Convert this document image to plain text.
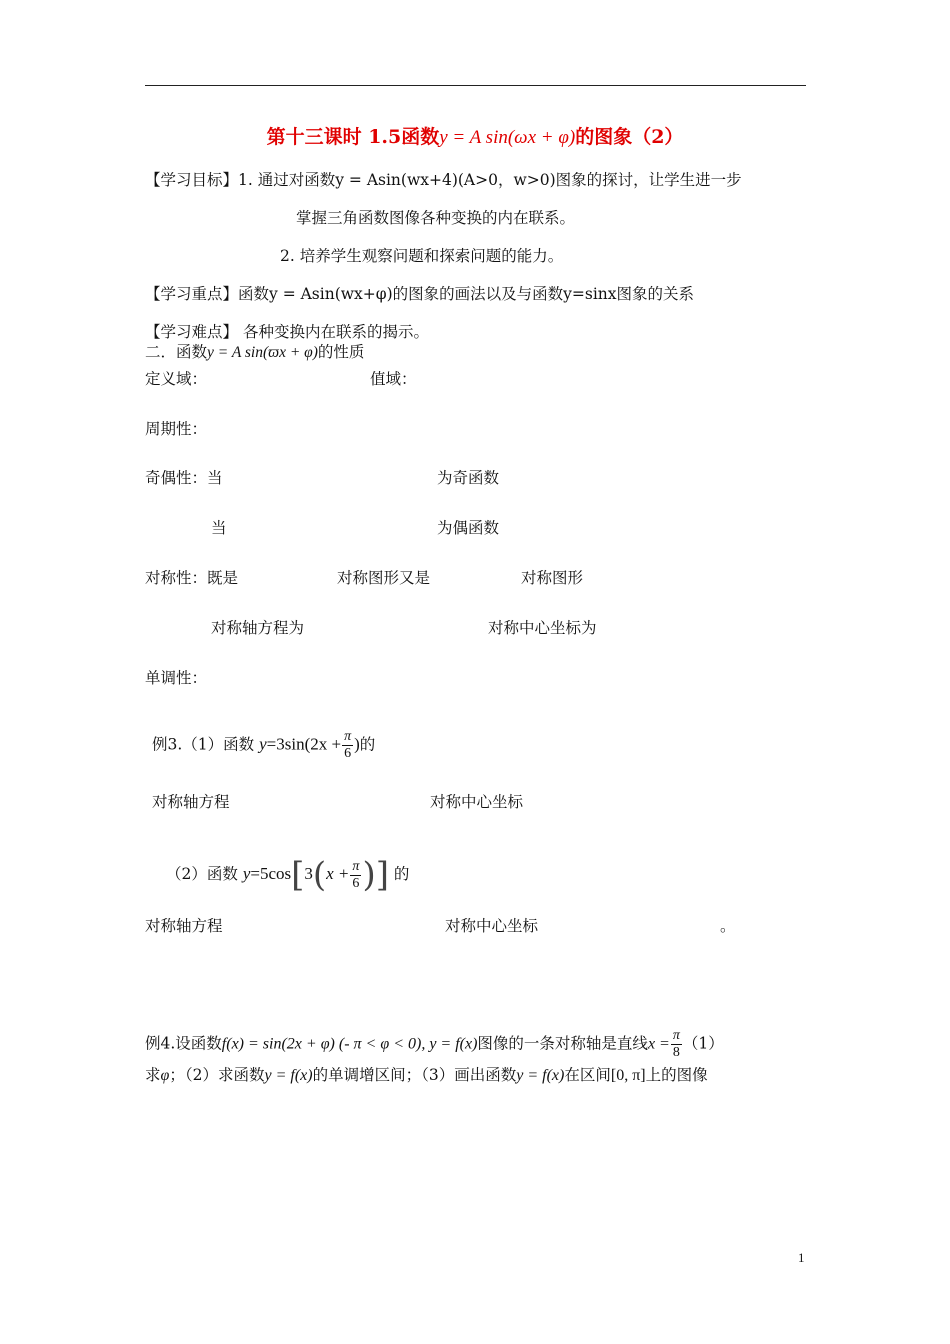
第十三课时 1.5函数y = A sin(ωx + φ)的图象（2）
【学习目标】1. 通过对函数y = Asin(wx+4)(A>0，w>0)图象的探讨，让学生进一步
掌握三角函数图像各种变换的内在联系。
2. 培养学生观察问题和探索问题的能力。
【学习重点】函数y = Asin(wx+φ)的图象的画法以及与函数y=sinx图象的关系
【学习难点】 各种变换内在联系的揭示。
二．函数y = A sin(ϖx + φ)的性质
定义域：	值域：
周期性：
奇偶性：当	为奇函数
当	为偶函数
对称性：既是	对称图形又是	对称图形
对称轴方程为	对称中心坐标为
单调性：
例3.（1）函数 $y=3\sin(2x + \frac{\pi}{6}$ )的
对称轴方程	对称中心坐标
（2）函数 $y=5\cos[3(x + \frac{\pi}{6}$ )] 的
对称轴方程	对称中心坐标	。
例4.设函数f(x) = sin(2x + φ) (- π < φ < 0), y = f(x)图像的一条对称轴是直线$x = \frac{\pi}{8} (1)$
求φ；（2）求函数y = f(x)的单调增区间；（3）画出函数y = f(x)在区间[0, π]上的图像
1
